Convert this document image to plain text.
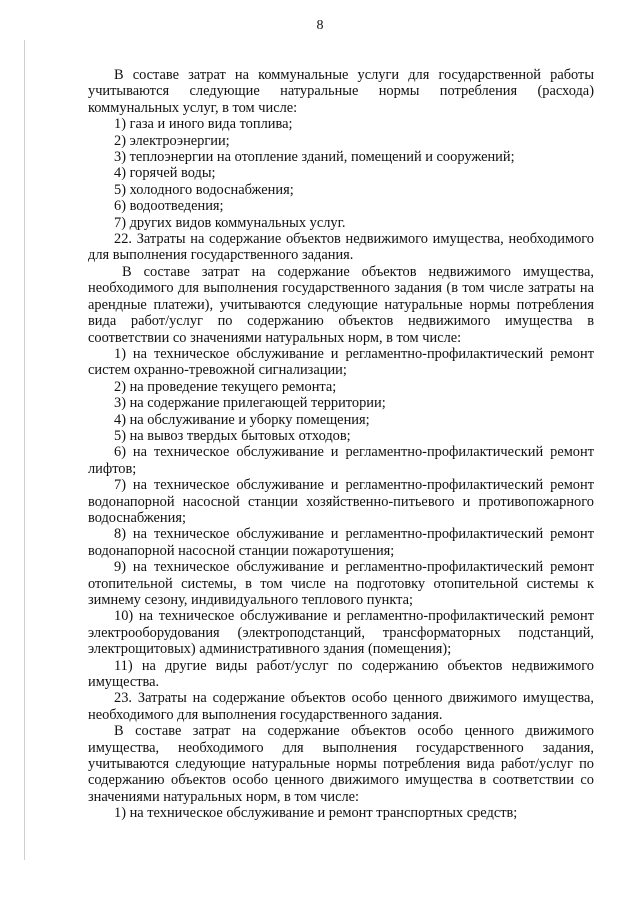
8

В составе затрат на коммунальные услуги для государственной работы учитываются следующие натуральные нормы потребления (расхода) коммунальных услуг, в том числе:

1) газа и иного вида топлива;

2) электроэнергии;

3) теплоэнергии на отопление зданий, помещений и сооружений;

4) горячей воды;

5) холодного водоснабжения;

6) водоотведения;

7) других видов коммунальных услуг.

22. Затраты на содержание объектов недвижимого имущества, необходимого для выполнения государственного задания.

В составе затрат на содержание объектов недвижимого имущества, необходимого для выполнения государственного задания (в том числе затраты на арендные платежи), учитываются следующие натуральные нормы потребления вида работ/услуг по содержанию объектов недвижимого имущества в соответствии со значениями натуральных норм, в том числе:

1) на техническое обслуживание и регламентно-профилактический ремонт систем охранно-тревожной сигнализации;

2) на проведение текущего ремонта;

3) на содержание прилегающей территории;

4) на обслуживание и уборку помещения;

5) на вывоз твердых бытовых отходов;

6) на техническое обслуживание и регламентно-профилактический ремонт лифтов;

7) на техническое обслуживание и регламентно-профилактический ремонт водонапорной насосной станции хозяйственно-питьевого и противопожарного водоснабжения;

8) на техническое обслуживание и регламентно-профилактический ремонт водонапорной насосной станции пожаротушения;

9) на техническое обслуживание и регламентно-профилактический ремонт отопительной системы, в том числе на подготовку отопительной системы к зимнему сезону, индивидуального теплового пункта;

10) на техническое обслуживание и регламентно-профилактический ремонт электрооборудования (электроподстанций, трансформаторных подстанций, электрощитовых) административного здания (помещения);

11) на другие виды работ/услуг по содержанию объектов недвижимого имущества.

23. Затраты на содержание объектов особо ценного движимого имущества, необходимого для выполнения государственного задания.

В составе затрат на содержание объектов особо ценного движимого имущества, необходимого для выполнения государственного задания, учитываются следующие натуральные нормы потребления вида работ/услуг по содержанию объектов особо ценного движимого имущества в соответствии со значениями натуральных норм, в том числе:

1) на техническое обслуживание и ремонт транспортных средств;
